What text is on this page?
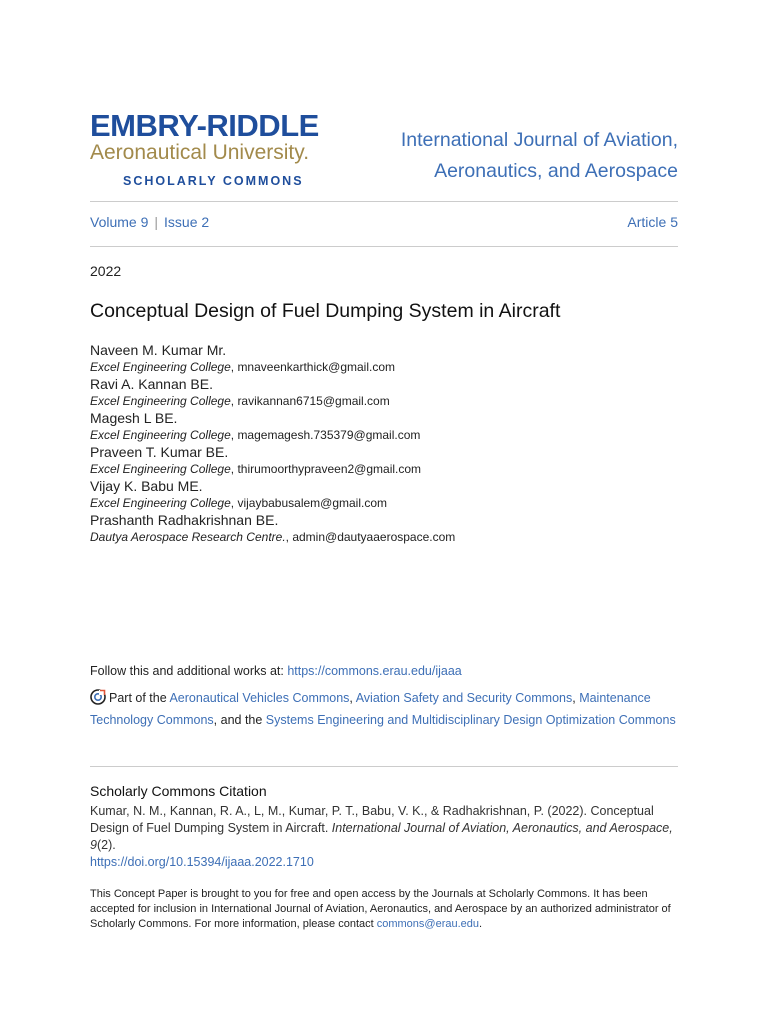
EMBRY-RIDDLE
Aeronautical University.
SCHOLARLY COMMONS
International Journal of Aviation,
Aeronautics, and Aerospace
Volume 9 | Issue 2	Article 5
2022
Conceptual Design of Fuel Dumping System in Aircraft
Naveen M. Kumar Mr.
Excel Engineering College, mnaveenkarthick@gmail.com
Ravi A. Kannan BE.
Excel Engineering College, ravikannan6715@gmail.com
Magesh L BE.
Excel Engineering College, magemagesh.735379@gmail.com
Praveen T. Kumar BE.
Excel Engineering College, thirumoorthypraveen2@gmail.com
Vijay K. Babu ME.
Excel Engineering College, vijaybabusalem@gmail.com
Prashanth Radhakrishnan BE.
Dautya Aerospace Research Centre., admin@dautyaaerospace.com
Follow this and additional works at: https://commons.erau.edu/ijaaa
Part of the Aeronautical Vehicles Commons, Aviation Safety and Security Commons, Maintenance Technology Commons, and the Systems Engineering and Multidisciplinary Design Optimization Commons
Scholarly Commons Citation
Kumar, N. M., Kannan, R. A., L, M., Kumar, P. T., Babu, V. K., & Radhakrishnan, P. (2022). Conceptual Design of Fuel Dumping System in Aircraft. International Journal of Aviation, Aeronautics, and Aerospace, 9(2).
https://doi.org/10.15394/ijaaa.2022.1710
This Concept Paper is brought to you for free and open access by the Journals at Scholarly Commons. It has been accepted for inclusion in International Journal of Aviation, Aeronautics, and Aerospace by an authorized administrator of Scholarly Commons. For more information, please contact commons@erau.edu.
